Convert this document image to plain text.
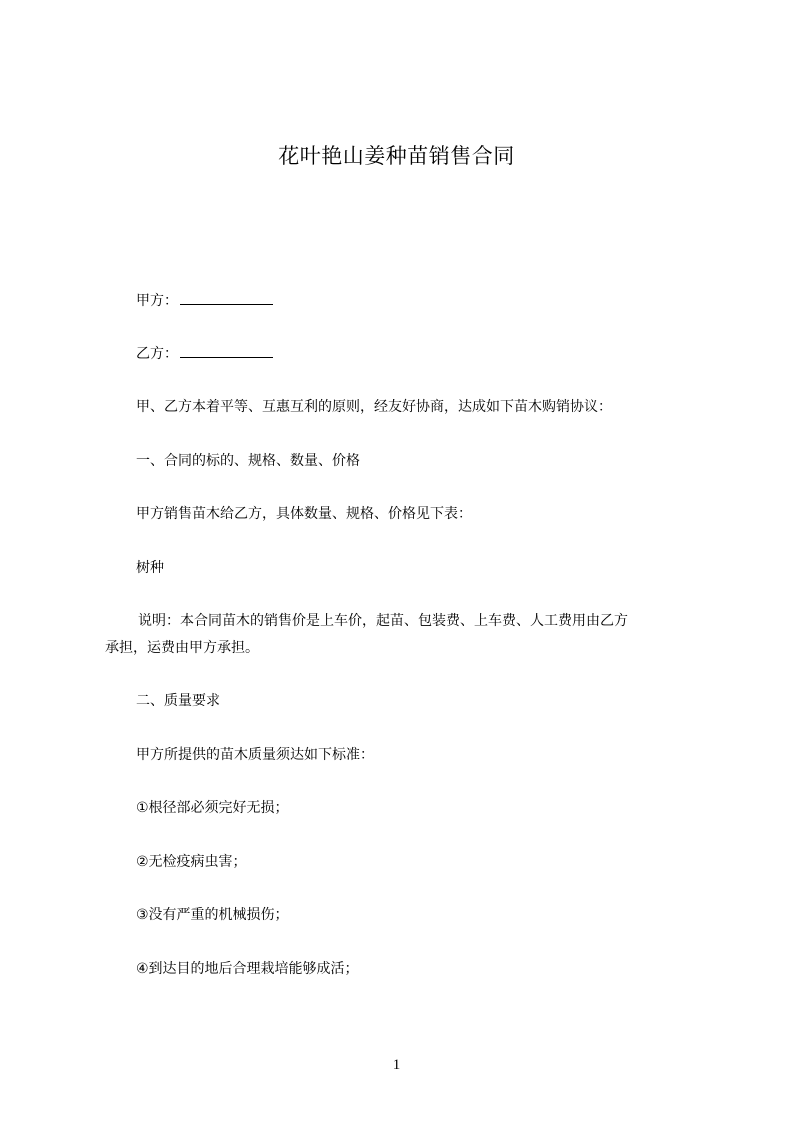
花叶艳山姜种苗销售合同
甲方：
乙方：
甲、乙方本着平等、互惠互利的原则，经友好协商，达成如下苗木购销协议：
一、合同的标的、规格、数量、价格
甲方销售苗木给乙方，具体数量、规格、价格见下表：
树种
说明：本合同苗木的销售价是上车价，起苗、包装费、上车费、人工费用由乙方
承担，运费由甲方承担。
二、质量要求
甲方所提供的苗木质量须达如下标准：
①根径部必须完好无损；
②无检疫病虫害；
③没有严重的机械损伤；
④到达目的地后合理栽培能够成活；
1
